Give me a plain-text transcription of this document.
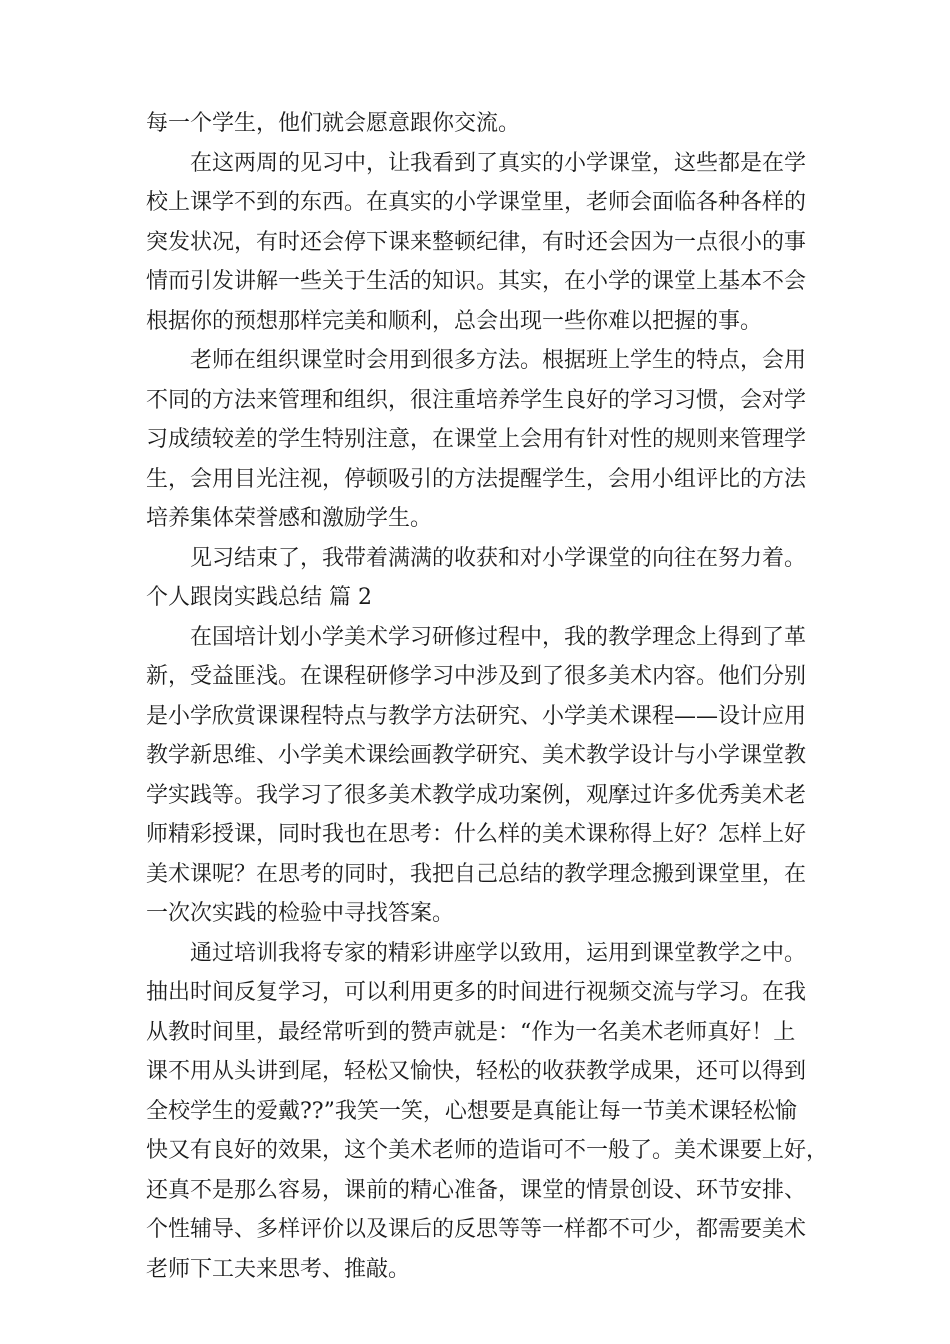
每一个学生，他们就会愿意跟你交流。
在这两周的见习中，让我看到了真实的小学课堂，这些都是在学
校上课学不到的东西。在真实的小学课堂里，老师会面临各种各样的
突发状况，有时还会停下课来整顿纪律，有时还会因为一点很小的事
情而引发讲解一些关于生活的知识。其实，在小学的课堂上基本不会
根据你的预想那样完美和顺利，总会出现一些你难以把握的事。
老师在组织课堂时会用到很多方法。根据班上学生的特点，会用
不同的方法来管理和组织，很注重培养学生良好的学习习惯，会对学
习成绩较差的学生特别注意，在课堂上会用有针对性的规则来管理学
生，会用目光注视，停顿吸引的方法提醒学生，会用小组评比的方法
培养集体荣誉感和激励学生。
见习结束了，我带着满满的收获和对小学课堂的向往在努力着。
个人跟岗实践总结 篇 2
在国培计划小学美术学习研修过程中，我的教学理念上得到了革
新，受益匪浅。在课程研修学习中涉及到了很多美术内容。他们分别
是小学欣赏课课程特点与教学方法研究、小学美术课程——设计应用
教学新思维、小学美术课绘画教学研究、美术教学设计与小学课堂教
学实践等。我学习了很多美术教学成功案例，观摩过许多优秀美术老
师精彩授课，同时我也在思考：什么样的美术课称得上好？怎样上好
美术课呢？在思考的同时，我把自己总结的教学理念搬到课堂里，在
一次次实践的检验中寻找答案。
通过培训我将专家的精彩讲座学以致用，运用到课堂教学之中。
抽出时间反复学习，可以利用更多的时间进行视频交流与学习。在我
从教时间里，最经常听到的赞声就是：“作为一名美术老师真好！上
课不用从头讲到尾，轻松又愉快，轻松的收获教学成果，还可以得到
全校学生的爱戴??”我笑一笑，心想要是真能让每一节美术课轻松愉
快又有良好的效果，这个美术老师的造诣可不一般了。美术课要上好，
还真不是那么容易，课前的精心准备，课堂的情景创设、环节安排、
个性辅导、多样评价以及课后的反思等等一样都不可少，都需要美术
老师下工夫来思考、推敲。
